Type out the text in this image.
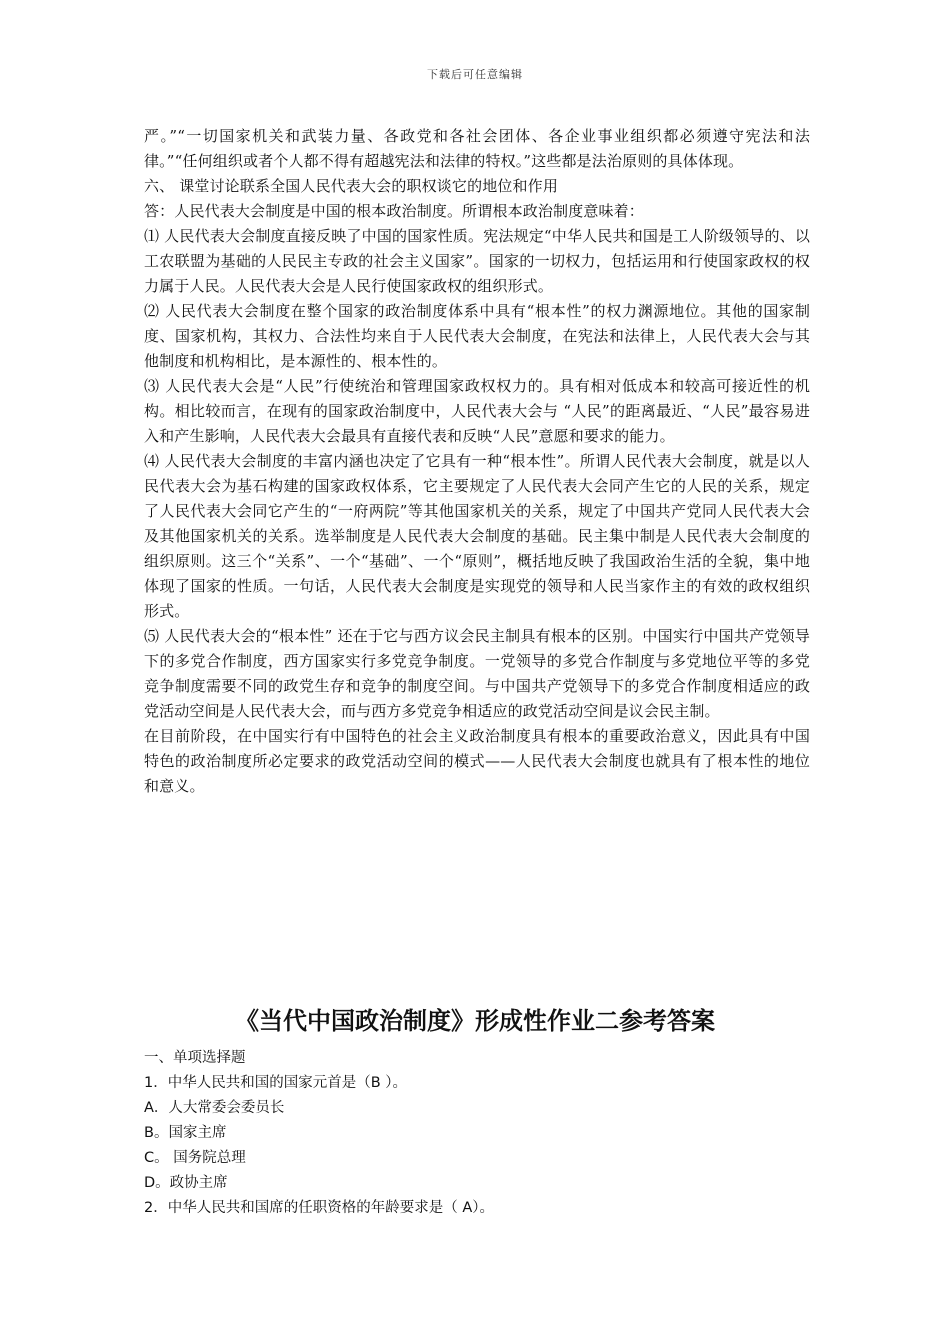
下载后可任意编辑

严。”“一切国家机关和武装力量、各政党和各社会团体、各企业事业组织都必须遵守宪法和法律。”“任何组织或者个人都不得有超越宪法和法律的特权。”这些都是法治原则的具体体现。

六、 课堂讨论联系全国人民代表大会的职权谈它的地位和作用

答：人民代表大会制度是中国的根本政治制度。所谓根本政治制度意味着：

⑴ 人民代表大会制度直接反映了中国的国家性质。宪法规定“中华人民共和国是工人阶级领导的、以工农联盟为基础的人民民主专政的社会主义国家”。国家的一切权力，包括运用和行使国家政权的权力属于人民。人民代表大会是人民行使国家政权的组织形式。

⑵ 人民代表大会制度在整个国家的政治制度体系中具有“根本性”的权力渊源地位。其他的国家制度、国家机构，其权力、合法性均来自于人民代表大会制度，在宪法和法律上，人民代表大会与其他制度和机构相比，是本源性的、根本性的。

⑶ 人民代表大会是“人民”行使统治和管理国家政权权力的。具有相对低成本和较高可接近性的机构。相比较而言，在现有的国家政治制度中，人民代表大会与 “人民”的距离最近、“人民”最容易进入和产生影响，人民代表大会最具有直接代表和反映“人民”意愿和要求的能力。

⑷ 人民代表大会制度的丰富内涵也决定了它具有一种“根本性”。所谓人民代表大会制度，就是以人民代表大会为基石构建的国家政权体系，它主要规定了人民代表大会同产生它的人民的关系，规定了人民代表大会同它产生的“一府两院”等其他国家机关的关系，规定了中国共产党同人民代表大会及其他国家机关的关系。选举制度是人民代表大会制度的基础。民主集中制是人民代表大会制度的组织原则。这三个“关系”、一个“基础”、一个“原则”，概括地反映了我国政治生活的全貌，集中地体现了国家的性质。一句话，人民代表大会制度是实现党的领导和人民当家作主的有效的政权组织形式。

⑸ 人民代表大会的“根本性” 还在于它与西方议会民主制具有根本的区别。中国实行中国共产党领导下的多党合作制度，西方国家实行多党竞争制度。一党领导的多党合作制度与多党地位平等的多党竞争制度需要不同的政党生存和竞争的制度空间。与中国共产党领导下的多党合作制度相适应的政党活动空间是人民代表大会，而与西方多党竞争相适应的政党活动空间是议会民主制。

在目前阶段，在中国实行有中国特色的社会主义政治制度具有根本的重要政治意义，因此具有中国特色的政治制度所必定要求的政党活动空间的模式——人民代表大会制度也就具有了根本性的地位和意义。

《当代中国政治制度》形成性作业二参考答案

一、单项选择题

1．中华人民共和国的国家元首是（B ）。

A．人大常委会委员长

B。国家主席

C。 国务院总理

D。政协主席

2．中华人民共和国席的任职资格的年龄要求是（ A）。
